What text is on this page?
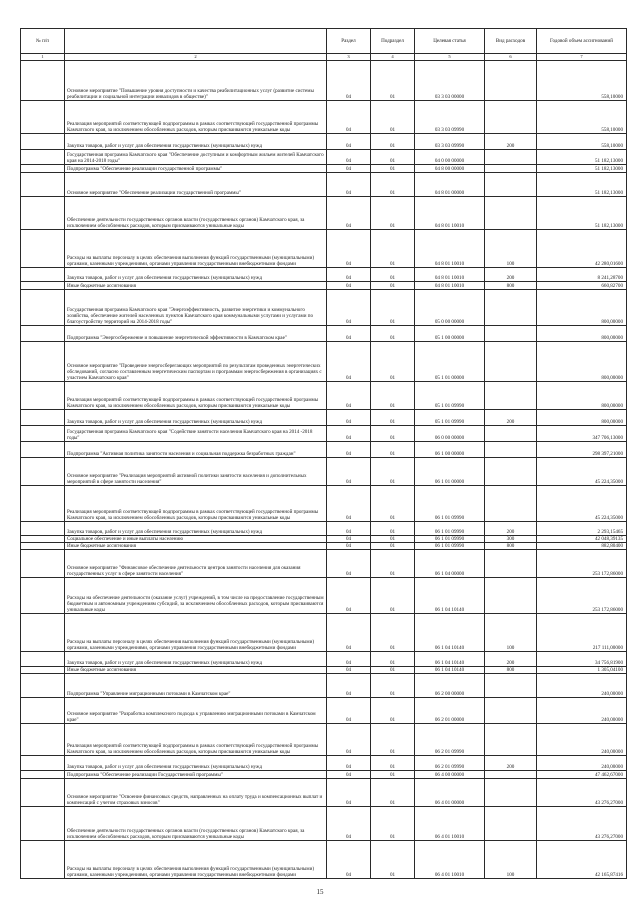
№ п/п		Раздел	Подраздел	Целевая статья	Вид расходов	Годовой объем ассигнований
1	2	3	4	5	6	7
	Основное мероприятие "Повышение уровня доступности и качества реабилитационных услуг (развитие системы реабилитации и социальной интеграции инвалидов в обществе)"	04	01	03 3 03 00000		558,10000
	Реализация мероприятий соответствующей подпрограммы в рамках соответствующей государственной программы Камчатского края, за исключением обособленных расходов, которым присваиваются уникальные коды	04	01	03 3 03 09990		558,10000
	Закупка товаров, работ и услуг для обеспечения государственных (муниципальных) нужд	04	01	03 3 03 09990	200	558,10000
	Государственная программа Камчатского края "Обеспечение доступным и комфортным жильем жителей Камчатского края на 2014-2018 годы"	04	01	04 0 00 00000		51 182,13000
	Подпрограмма "Обеспечение реализации государственной программы"	04	01	04 8 00 00000		51 182,13000
	Основное мероприятие "Обеспечение реализации государственной программы"	04	01	04 8 01 00000		51 182,13000
	Обеспечение деятельности государственных органов власти (государственных органов) Камчатского края, за исключением обособленных расходов, которым присваиваются уникальные коды	04	01	04 8 01 10010		51 182,13000
	Расходы на выплаты персоналу в целях обеспечения выполнения функций государственными (муниципальными) органами, казенными учреждениями, органами управления государственными внебюджетными фондами	04	01	04 8 01 10010	100	42 280,01600
	Закупка товаров, работ и услуг для обеспечения государственных (муниципальных) нужд	04	01	04 8 01 10010	200	8 241,28700
	Иные бюджетные ассигнования	04	01	04 8 01 10010	800	660,82700
	Государственная программа Камчатского края "Энергоэффективность, развитие энергетики и коммунального хозяйства, обеспечение жителей населенных пунктов Камчатского края коммунальными услугами и услугами по благоустройству территорий на 2014-2018 годы"	04	01	05 0 00 00000		800,00000
	Подпрограмма "Энергосбережение и повышение энергетической эффективности в Камчатском крае"	04	01	05 1 00 00000		800,00000
	Основное мероприятие "Проведение энергосберегающих мероприятий по результатам проведенных энергетических обследований, согласно составленным энергетическим паспортам и программам энергосбережения в организациях с участием Камчатского края"	04	01	05 1 01 00000		800,00000
	Реализация мероприятий соответствующей подпрограммы в рамках соответствующей государственной программы Камчатского края, за исключением обособленных расходов, которым присваиваются уникальные коды	04	01	05 1 01 09990		800,00000
	Закупка товаров, работ и услуг для обеспечения государственных (муниципальных) нужд	04	01	05 1 01 09990	200	800,00000
	Государственная программа Камчатского края "Содействие занятости населения Камчатского края на 2014 -2018 годы"	04	01	06 0 00 00000		347 706,13000
	Подпрограмма "Активная политика занятости населения и социальная поддержка безработных граждан"	04	01	06 1 00 00000		298 397,21000
	Основное мероприятие "Реализация мероприятий активной политики занятости населения и дополнительных мероприятий в сфере занятости населения"	04	01	06 1 01 00000		45 224,35000
	Реализация мероприятий соответствующей подпрограммы в рамках соответствующей государственной программы Камчатского края, за исключением обособленных расходов, которым присваиваются уникальные коды	04	01	06 1 01 09990		45 224,35000
	Закупка товаров, работ и услуг для обеспечения государственных (муниципальных) нужд	04	01	06 1 01 09990	200	2 293,15465
	Социальное обеспечение и иные выплаты населению	04	01	06 1 01 09990	300	42 048,39135
	Иные бюджетные ассигнования	04	01	06 1 01 09990	800	882,80400
	Основное мероприятие "Финансовое обеспечение деятельности центров занятости населения для оказания государственных услуг в сфере занятости населения"	04	01	06 1 04 00000		253 172,86000
	Расходы на обеспечение деятельности (оказание услуг) учреждений, в том числе на предоставление государственным бюджетным и автономным учреждениям субсидий, за исключением обособленных расходов, которым присваиваются уникальные коды	04	01	06 1 04 10140		253 172,86000
	Расходы на выплаты персоналу в целях обеспечения выполнения функций государственными (муниципальными) органами, казенными учреждениями, органами управления государственными внебюджетными фондами	04	01	06 1 04 10140	100	217 111,00000
	Закупка товаров, работ и услуг для обеспечения государственных (муниципальных) нужд	04	01	06 1 04 10140	200	34 756,81900
	Иные бюджетные ассигнования	04	01	06 1 04 10140	800	1 305,04100
	Подпрограмма "Управление миграционными потоками в Камчатском крае"	04	01	06 2 00 00000		240,00000
	Основное мероприятие "Разработка комплексного подхода к управлению миграционными потоками в Камчатском крае"	04	01	06 2 01 00000		240,00000
	Реализация мероприятий соответствующей подпрограммы в рамках соответствующей государственной программы Камчатского края, за исключением обособленных расходов, которым присваиваются уникальные коды	04	01	06 2 01 09990		240,00000
	Закупка товаров, работ и услуг для обеспечения государственных (муниципальных) нужд	04	01	06 2 01 09990	200	240,00000
	Подпрограмма "Обеспечение реализации Государственной программы"	04	01	06 4 00 00000		47 462,67000
	Основное мероприятие "Освоение финансовых средств, направленных на оплату труда и компенсационных выплат и компенсаций с учетом страховых взносов"	04	01	06 4 01 00000		43 276,27000
	Обеспечение деятельности государственных органов власти (государственных органов) Камчатского края, за исключением обособленных расходов, которым присваиваются уникальные коды	04	01	06 4 01 10010		43 276,27000
	Расходы на выплаты персоналу в целях обеспечения выполнения функций государственными (муниципальными) органами, казенными учреждениями, органами управления государственными внебюджетными фондами	04	01	06 4 01 10010	100	42 165,87416
15
